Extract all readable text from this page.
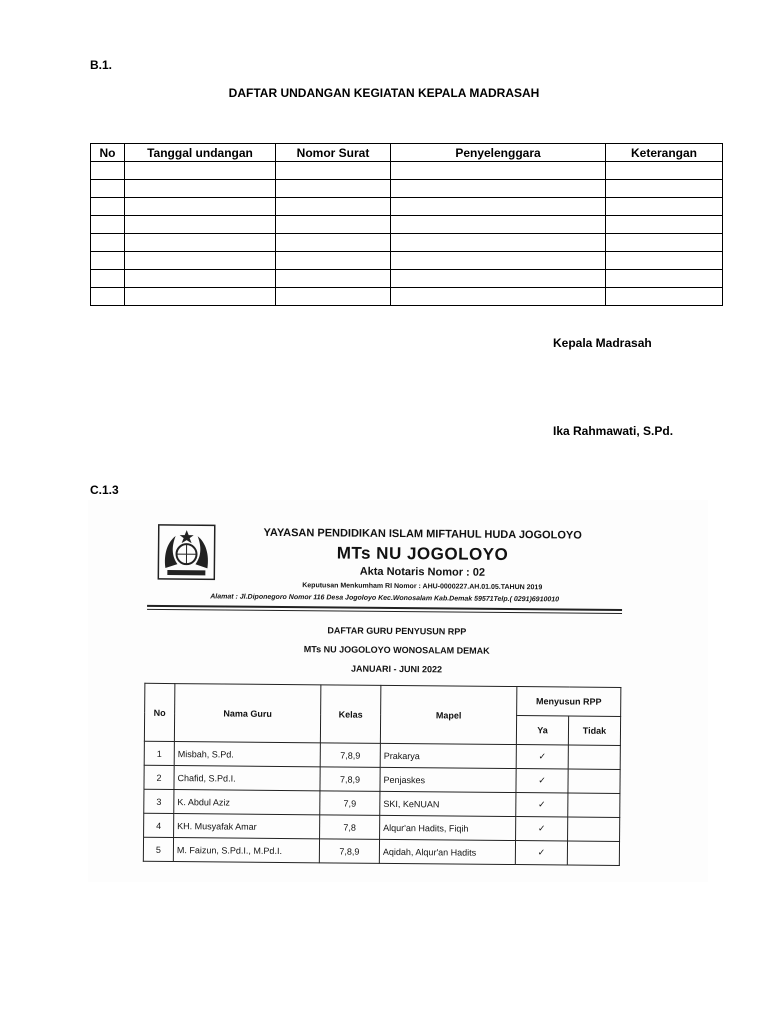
B.1.
DAFTAR UNDANGAN KEGIATAN KEPALA MADRASAH
No	Tanggal undangan	Nomor Surat	Penyelenggara	Keterangan

Kepala Madrasah
Ika Rahmawati, S.Pd.
C.1.3
YAYASAN PENDIDIKAN ISLAM MIFTAHUL HUDA JOGOLOYO
MTs NU JOGOLOYO
Akta Notaris Nomor : 02
Keputusan Menkumham RI Nomor : AHU-0000227.AH.01.05.TAHUN 2019
Alamat : Jl.Diponegoro Nomor 116 Desa Jogoloyo Kec.Wonosalam Kab.Demak 59571Telp.( 0291)6910010
DAFTAR GURU PENYUSUN RPP
MTs NU JOGOLOYO WONOSALAM DEMAK
JANUARI - JUNI 2022
No	Nama Guru	Kelas	Mapel	Menyusun RPP	
				Ya	Tidak
1	Misbah, S.Pd.	7,8,9	Prakarya	✓	
2	Chafid, S.Pd.I.	7,8,9	Penjaskes	✓	
3	K. Abdul Aziz	7,9	SKI, KeNUAN	✓	
4	KH. Musyafak Amar	7,8	Alqur'an Hadits, Fiqih	✓	
5	M. Faizun, S.Pd.I., M.Pd.I.	7,8,9	Aqidah, Alqur'an Hadits	✓	
